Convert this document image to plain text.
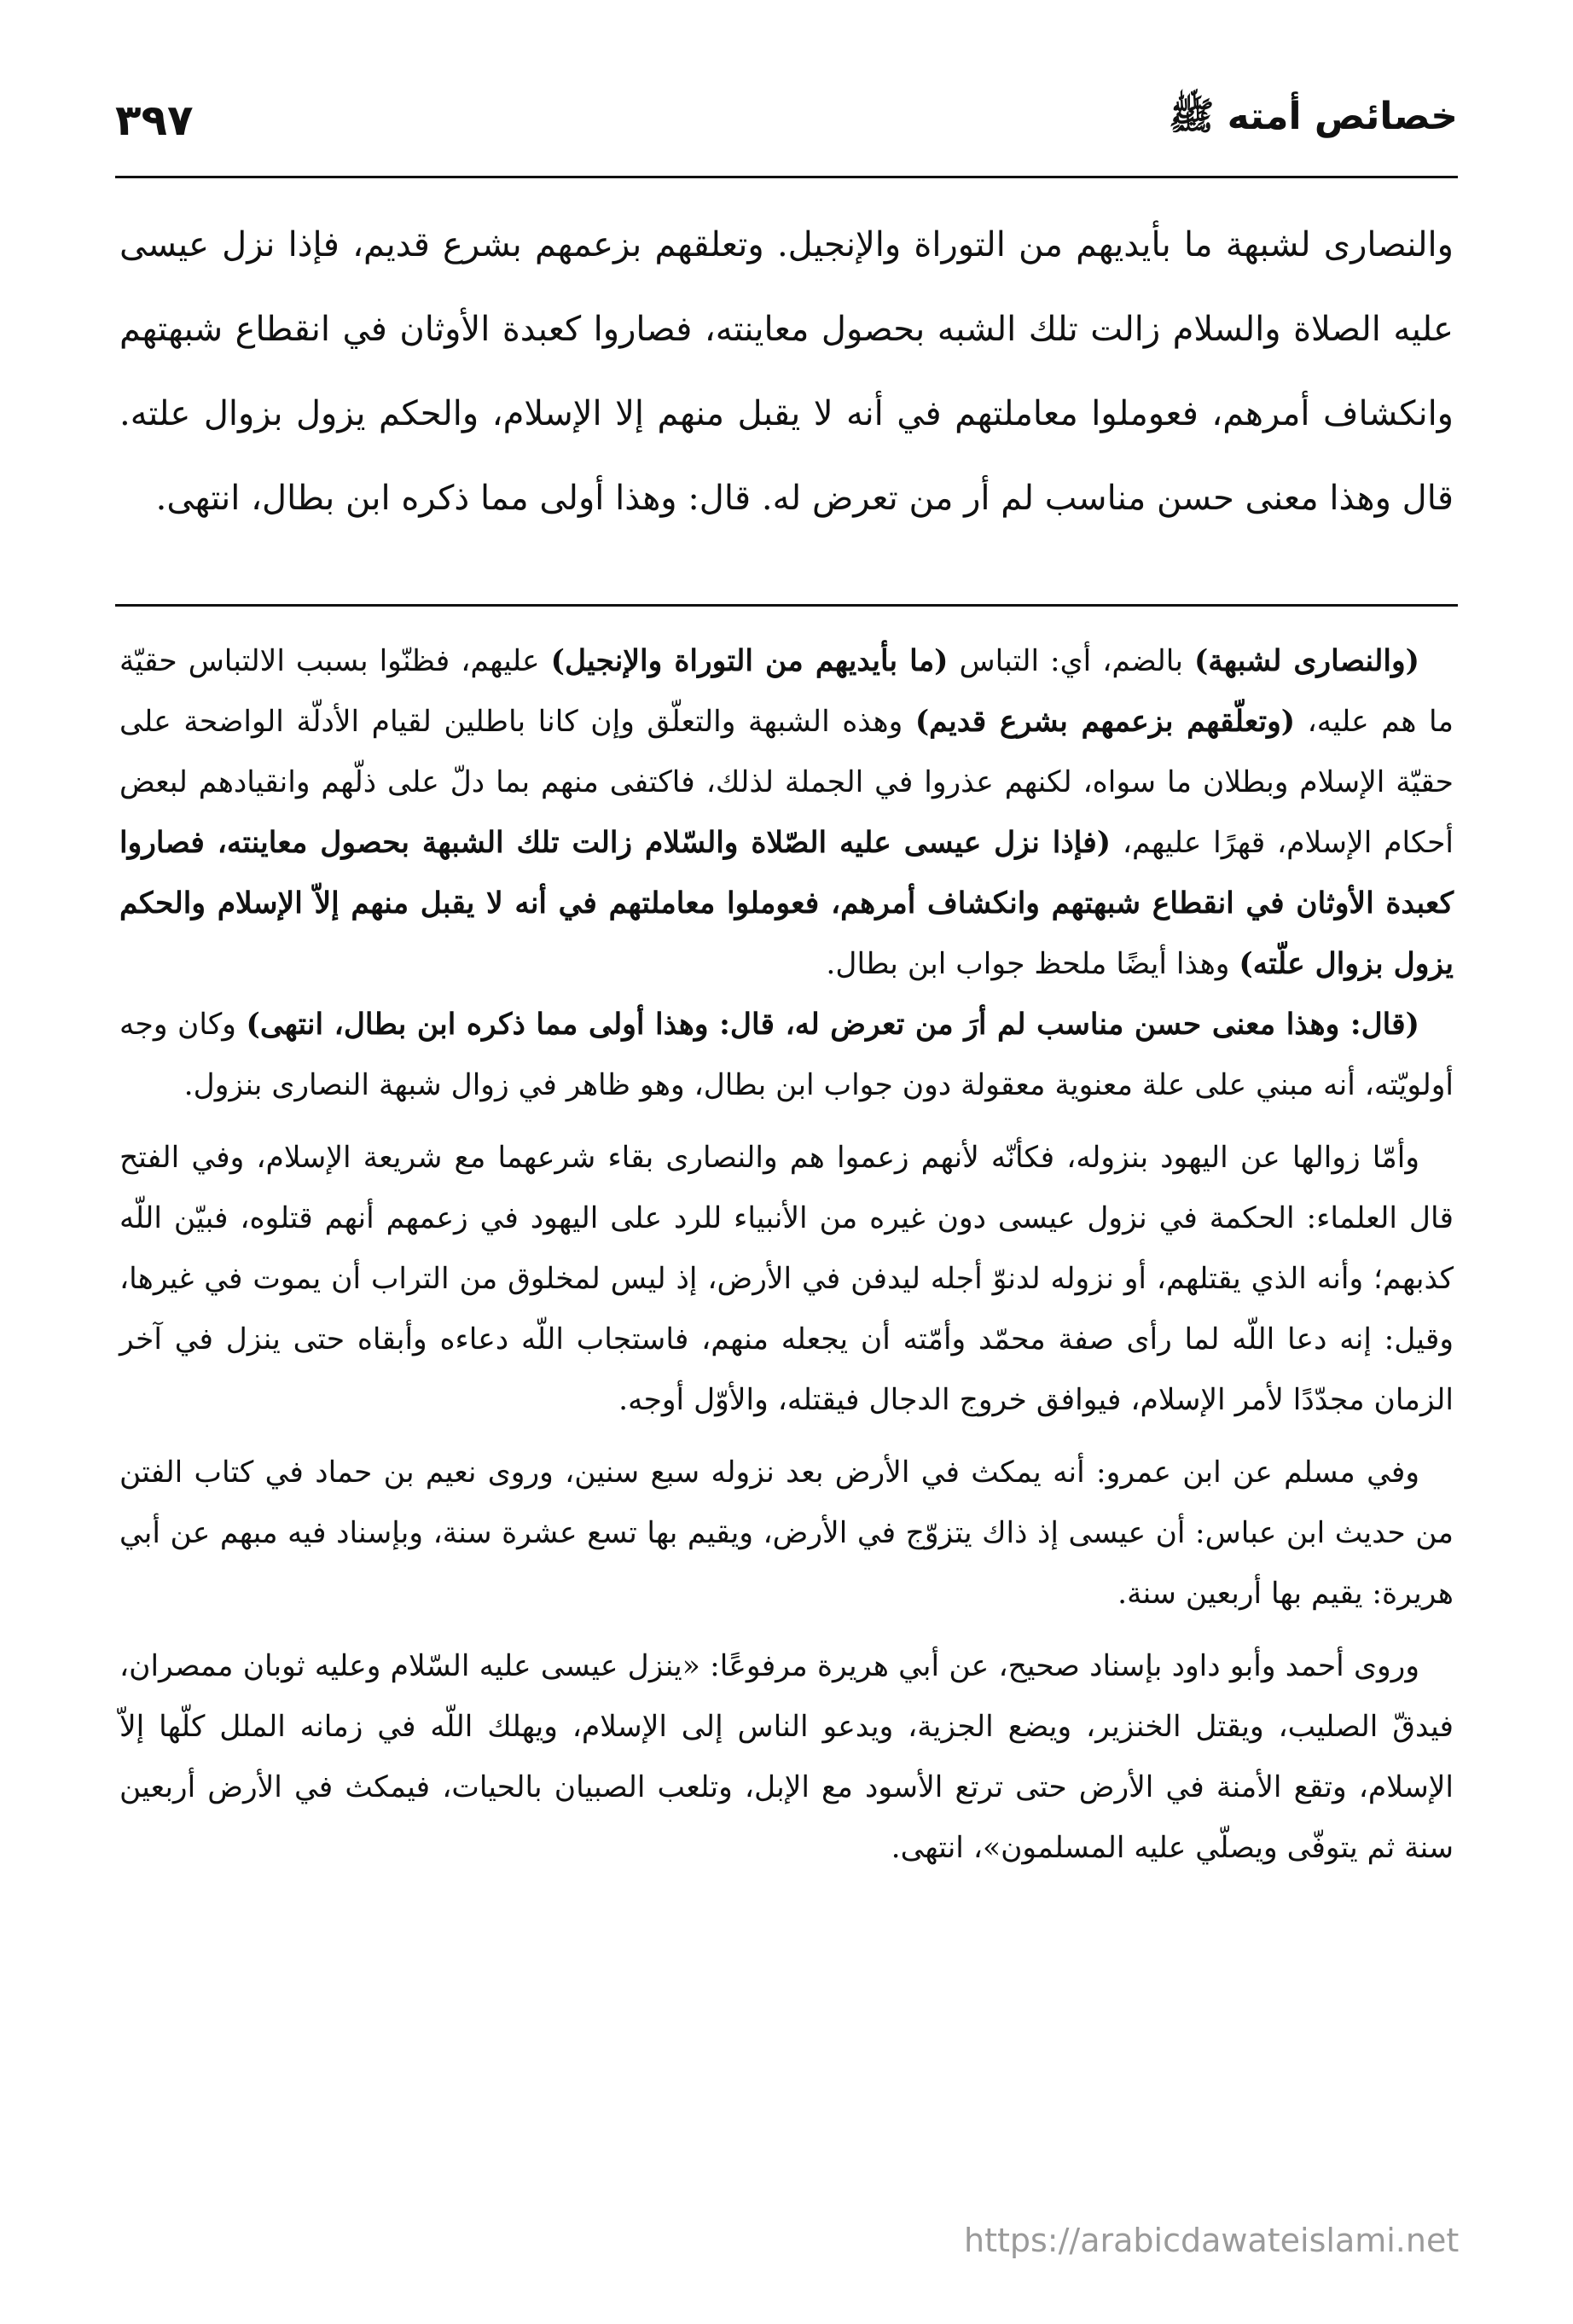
خصائص أمته ﷺ
٣٩٧
والنصارى لشبهة ما بأيديهم من التوراة والإنجيل. وتعلقهم بزعمهم بشرع قديم، فإذا نزل عيسى عليه الصلاة والسلام زالت تلك الشبه بحصول معاينته، فصاروا كعبدة الأوثان في انقطاع شبهتهم وانكشاف أمرهم، فعوملوا معاملتهم في أنه لا يقبل منهم إلا الإسلام، والحكم يزول بزوال علته. قال وهذا معنى حسن مناسب لم أر من تعرض له. قال: وهذا أولى مما ذكره ابن بطال، انتهى.

(والنصارى لشبهة) بالضم، أي: التباس (ما بأيديهم من التوراة والإنجيل) عليهم، فظنّوا بسبب الالتباس حقيّة ما هم عليه، (وتعلّقهم بزعمهم بشرع قديم) وهذه الشبهة والتعلّق وإن كانا باطلين لقيام الأدلّة الواضحة على حقيّة الإسلام وبطلان ما سواه، لكنهم عذروا في الجملة لذلك، فاكتفى منهم بما دلّ على ذلّهم وانقيادهم لبعض أحكام الإسلام، قهرًا عليهم، (فإذا نزل عيسى عليه الصّلاة والسّلام زالت تلك الشبهة بحصول معاينته، فصاروا كعبدة الأوثان في انقطاع شبهتهم وانكشاف أمرهم، فعوملوا معاملتهم في أنه لا يقبل منهم إلاّ الإسلام والحكم يزول بزوال علّته) وهذا أيضًا ملحظ جواب ابن بطال.

(قال: وهذا معنى حسن مناسب لم أرَ من تعرض له، قال: وهذا أولى مما ذكره ابن بطال، انتهى) وكان وجه أولويّته، أنه مبني على علة معنوية معقولة دون جواب ابن بطال، وهو ظاهر في زوال شبهة النصارى بنزول.

وأمّا زوالها عن اليهود بنزوله، فكأنّه لأنهم زعموا هم والنصارى بقاء شرعهما مع شريعة الإسلام، وفي الفتح قال العلماء: الحكمة في نزول عيسى دون غيره من الأنبياء للرد على اليهود في زعمهم أنهم قتلوه، فبيّن اللّه كذبهم؛ وأنه الذي يقتلهم، أو نزوله لدنوّ أجله ليدفن في الأرض، إذ ليس لمخلوق من التراب أن يموت في غيرها، وقيل: إنه دعا اللّه لما رأى صفة محمّد وأمّته أن يجعله منهم، فاستجاب اللّه دعاءه وأبقاه حتى ينزل في آخر الزمان مجدّدًا لأمر الإسلام، فيوافق خروج الدجال فيقتله، والأوّل أوجه.

وفي مسلم عن ابن عمرو: أنه يمكث في الأرض بعد نزوله سبع سنين، وروى نعيم بن حماد في كتاب الفتن من حديث ابن عباس: أن عيسى إذ ذاك يتزوّج في الأرض، ويقيم بها تسع عشرة سنة، وبإسناد فيه مبهم عن أبي هريرة: يقيم بها أربعين سنة.

وروى أحمد وأبو داود بإسناد صحيح، عن أبي هريرة مرفوعًا: «ينزل عيسى عليه السّلام وعليه ثوبان ممصران، فيدقّ الصليب، ويقتل الخنزير، ويضع الجزية، ويدعو الناس إلى الإسلام، ويهلك اللّه في زمانه الملل كلّها إلاّ الإسلام، وتقع الأمنة في الأرض حتى ترتع الأسود مع الإبل، وتلعب الصبيان بالحيات، فيمكث في الأرض أربعين سنة ثم يتوفّى ويصلّي عليه المسلمون»، انتهى.

https://arabicdawateislami.net
